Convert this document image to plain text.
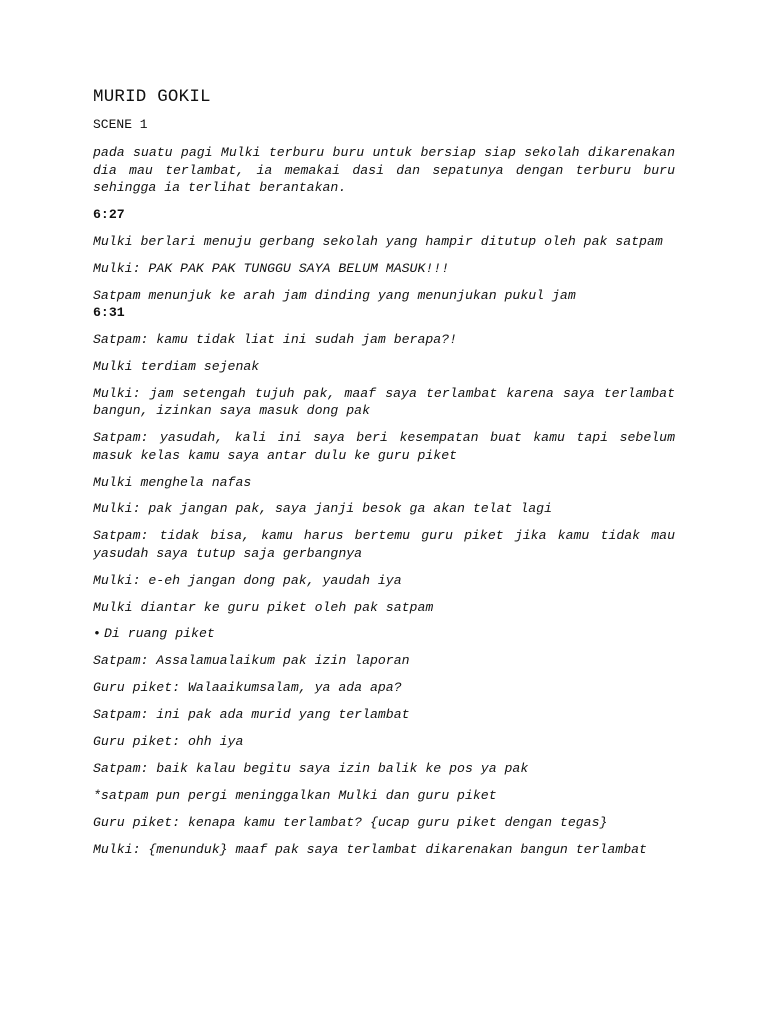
MURID GOKIL
SCENE 1
pada suatu pagi Mulki terburu buru untuk bersiap siap sekolah dikarenakan dia mau terlambat, ia memakai dasi dan sepatunya dengan terburu buru sehingga ia terlihat berantakan.
6:27
Mulki berlari menuju gerbang sekolah yang hampir ditutup oleh pak satpam
Mulki: PAK PAK PAK TUNGGU SAYA BELUM MASUK!!!
Satpam menunjuk ke arah jam dinding yang menunjukan pukul jam
6:31
Satpam: kamu tidak liat ini sudah jam berapa?!
Mulki terdiam sejenak
Mulki: jam setengah tujuh pak, maaf saya terlambat karena saya terlambat bangun, izinkan saya masuk dong pak
Satpam: yasudah, kali ini saya beri kesempatan buat kamu tapi sebelum masuk kelas kamu saya antar dulu ke guru piket
Mulki menghela nafas
Mulki: pak jangan pak, saya janji besok ga akan telat lagi
Satpam: tidak bisa, kamu harus bertemu guru piket jika kamu tidak mau yasudah saya tutup saja gerbangnya
Mulki: e-eh jangan dong pak, yaudah iya
Mulki diantar ke guru piket oleh pak satpam
• Di ruang piket
Satpam: Assalamualaikum pak izin laporan
Guru piket: Walaaikumsalam, ya ada apa?
Satpam: ini pak ada murid yang terlambat
Guru piket: ohh iya
Satpam: baik kalau begitu saya izin balik ke pos ya pak
*satpam pun pergi meninggalkan Mulki dan guru piket
Guru piket: kenapa kamu terlambat? {ucap guru piket dengan tegas}
Mulki: {menunduk} maaf pak saya terlambat dikarenakan bangun terlambat
